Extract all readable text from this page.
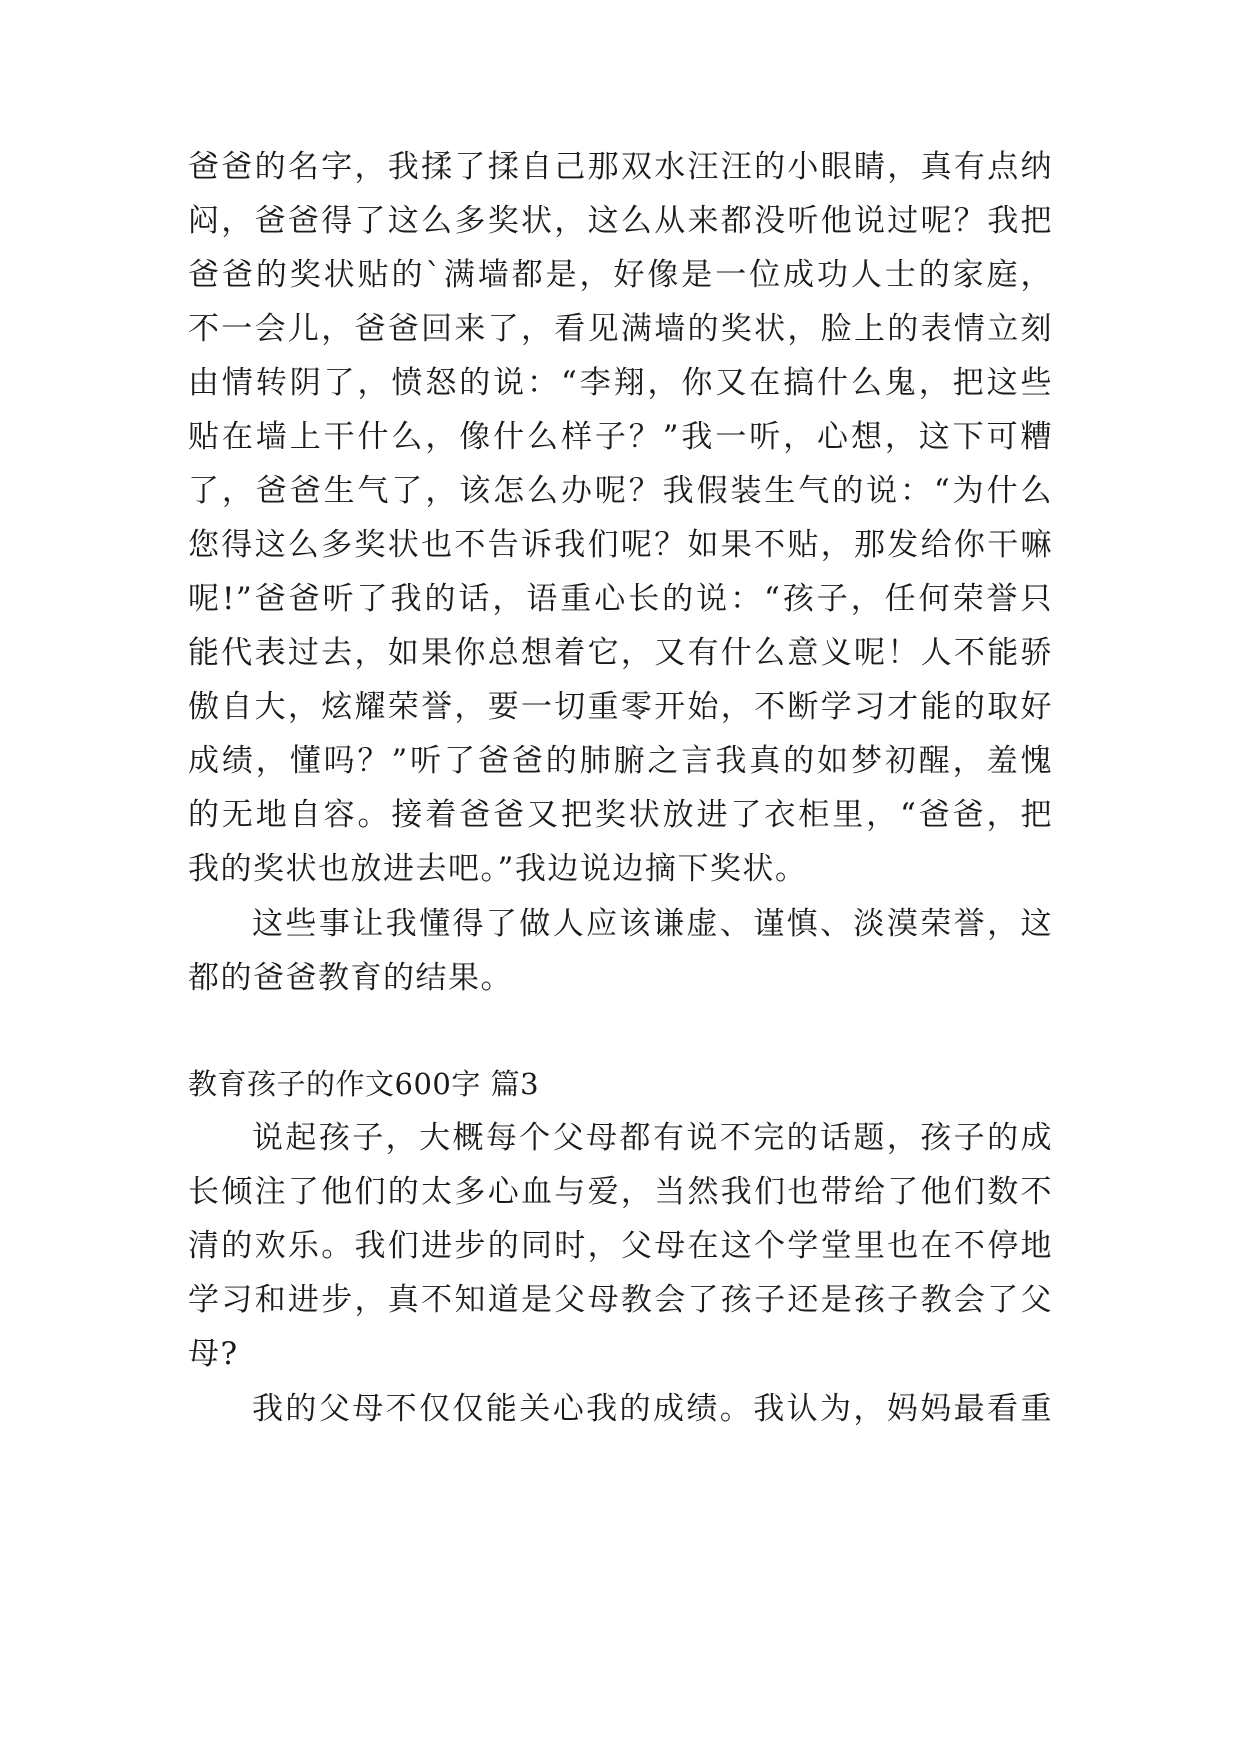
爸爸的名字，我揉了揉自己那双水汪汪的小眼睛，真有点纳
闷，爸爸得了这么多奖状，这么从来都没听他说过呢？我把
爸爸的奖状贴的`满墙都是，好像是一位成功人士的家庭，
不一会儿，爸爸回来了，看见满墙的奖状，脸上的表情立刻
由情转阴了，愤怒的说：“李翔，你又在搞什么鬼，把这些
贴在墙上干什么，像什么样子？”我一听，心想，这下可糟
了，爸爸生气了，该怎么办呢？我假装生气的说：“为什么
您得这么多奖状也不告诉我们呢？如果不贴，那发给你干嘛
呢!”爸爸听了我的话，语重心长的说：“孩子，任何荣誉只
能代表过去，如果你总想着它，又有什么意义呢！人不能骄
傲自大，炫耀荣誉，要一切重零开始，不断学习才能的取好
成绩，懂吗？”听了爸爸的肺腑之言我真的如梦初醒，羞愧
的无地自容。接着爸爸又把奖状放进了衣柜里，“爸爸，把
我的奖状也放进去吧。”我边说边摘下奖状。
这些事让我懂得了做人应该谦虚、谨慎、淡漠荣誉，这
都的爸爸教育的结果。
教育孩子的作文600字 篇3
说起孩子，大概每个父母都有说不完的话题，孩子的成
长倾注了他们的太多心血与爱，当然我们也带给了他们数不
清的欢乐。我们进步的同时，父母在这个学堂里也在不停地
学习和进步，真不知道是父母教会了孩子还是孩子教会了父
母?
我的父母不仅仅能关心我的成绩。我认为，妈妈最看重
